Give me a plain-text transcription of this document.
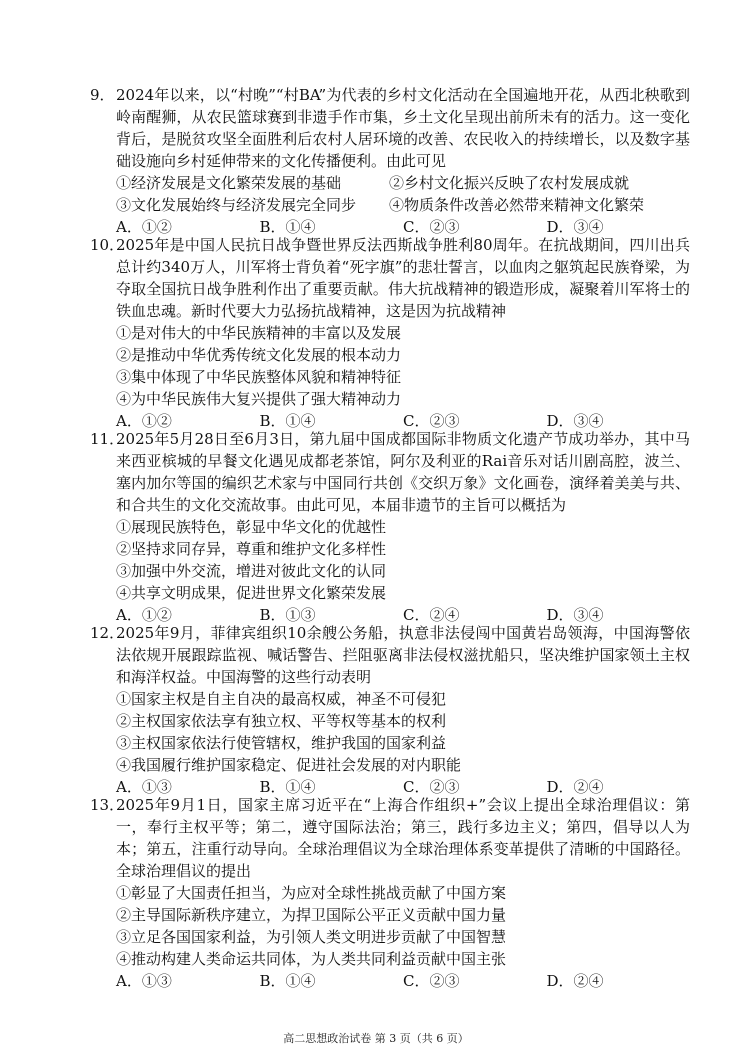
9． 2024年以来，以“村晚”“村BA”为代表的乡村文化活动在全国遍地开花，从西北秧歌到岭南醒狮，从农民篮球赛到非遗手作市集，乡土文化呈现出前所未有的活力。这一变化背后，是脱贫攻坚全面胜利后农村人居环境的改善、农民收入的持续增长，以及数字基础设施向乡村延伸带来的文化传播便利。由此可见
①经济发展是文化繁荣发展的基础	②乡村文化振兴反映了农村发展成就
③文化发展始终与经济发展完全同步	④物质条件改善必然带来精神文化繁荣
A．①②	B．①④	C．②③	D．③④
10．
2025年是中国人民抗日战争暨世界反法西斯战争胜利80周年。在抗战期间，四川出兵总计约340万人，川军将士背负着“死字旗”的悲壮誓言，以血肉之躯筑起民族脊梁，为夺取全国抗日战争胜利作出了重要贡献。伟大抗战精神的锻造形成，凝聚着川军将士的铁血忠魂。新时代要大力弘扬抗战精神，这是因为抗战精神
①是对伟大的中华民族精神的丰富以及发展
②是推动中华优秀传统文化发展的根本动力
③集中体现了中华民族整体风貌和精神特征
④为中华民族伟大复兴提供了强大精神动力
A．①②	B．①④	C．②③	D．③④
11．
2025年5月28日至6月3日，第九届中国成都国际非物质文化遗产节成功举办，其中马来西亚槟城的早餐文化遇见成都老茶馆，阿尔及利亚的Rai音乐对话川剧高腔，波兰、塞内加尔等国的编织艺术家与中国同行共创《交织万象》文化画卷，演绎着美美与共、和合共生的文化交流故事。由此可见，本届非遗节的主旨可以概括为
①展现民族特色，彰显中华文化的优越性
②坚持求同存异，尊重和维护文化多样性
③加强中外交流，增进对彼此文化的认同
④共享文明成果，促进世界文化繁荣发展
A．①②	B．①③	C．②④	D．③④
12．
2025年9月，菲律宾组织10余艘公务船，执意非法侵闯中国黄岩岛领海，中国海警依法依规开展跟踪监视、喊话警告、拦阻驱离非法侵权滋扰船只，坚决维护国家领土主权和海洋权益。中国海警的这些行动表明
①国家主权是自主自决的最高权威，神圣不可侵犯
②主权国家依法享有独立权、平等权等基本的权利
③主权国家依法行使管辖权，维护我国的国家利益
④我国履行维护国家稳定、促进社会发展的对内职能
A．①③	B．①④	C．②③	D．②④
13．
2025年9月1日，国家主席习近平在“上海合作组织+”会议上提出全球治理倡议：第一，奉行主权平等；第二，遵守国际法治；第三，践行多边主义；第四，倡导以人为本；第五，注重行动导向。全球治理倡议为全球治理体系变革提供了清晰的中国路径。全球治理倡议的提出
①彰显了大国责任担当，为应对全球性挑战贡献了中国方案
②主导国际新秩序建立，为捍卫国际公平正义贡献中国力量
③立足各国国家利益，为引领人类文明进步贡献了中国智慧
④推动构建人类命运共同体，为人类共同利益贡献中国主张
A．①③	B．①④	C．②③	D．②④
高二思想政治试卷 第 3 页（共 6 页）
